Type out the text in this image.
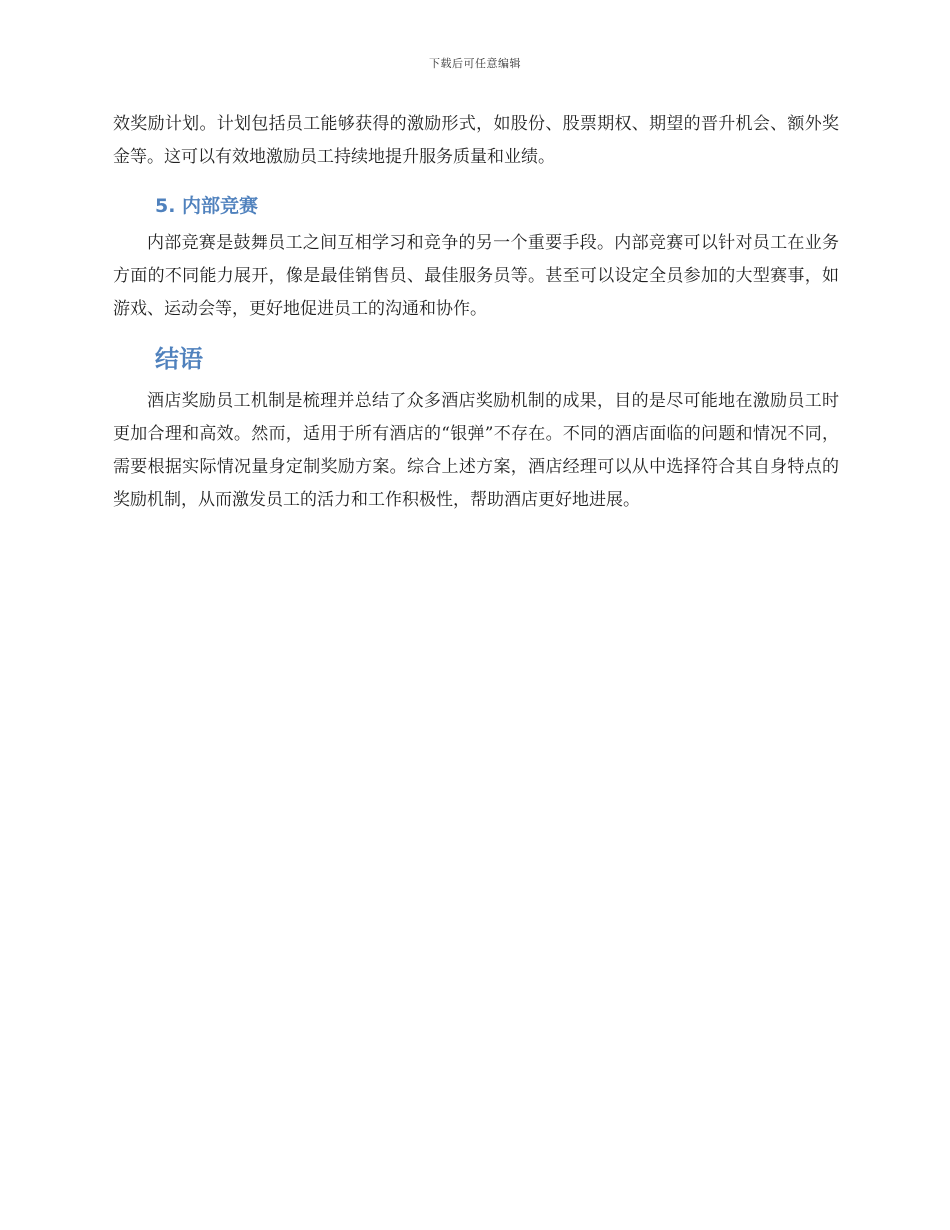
下载后可任意编辑

效奖励计划。计划包括员工能够获得的激励形式，如股份、股票期权、期望的晋升机会、额外奖金等。这可以有效地激励员工持续地提升服务质量和业绩。

5. 内部竞赛

内部竞赛是鼓舞员工之间互相学习和竞争的另一个重要手段。内部竞赛可以针对员工在业务方面的不同能力展开，像是最佳销售员、最佳服务员等。甚至可以设定全员参加的大型赛事，如游戏、运动会等，更好地促进员工的沟通和协作。

结语

酒店奖励员工机制是梳理并总结了众多酒店奖励机制的成果，目的是尽可能地在激励员工时更加合理和高效。然而，适用于所有酒店的“银弹”不存在。不同的酒店面临的问题和情况不同，需要根据实际情况量身定制奖励方案。综合上述方案，酒店经理可以从中选择符合其自身特点的奖励机制，从而激发员工的活力和工作积极性，帮助酒店更好地进展。
